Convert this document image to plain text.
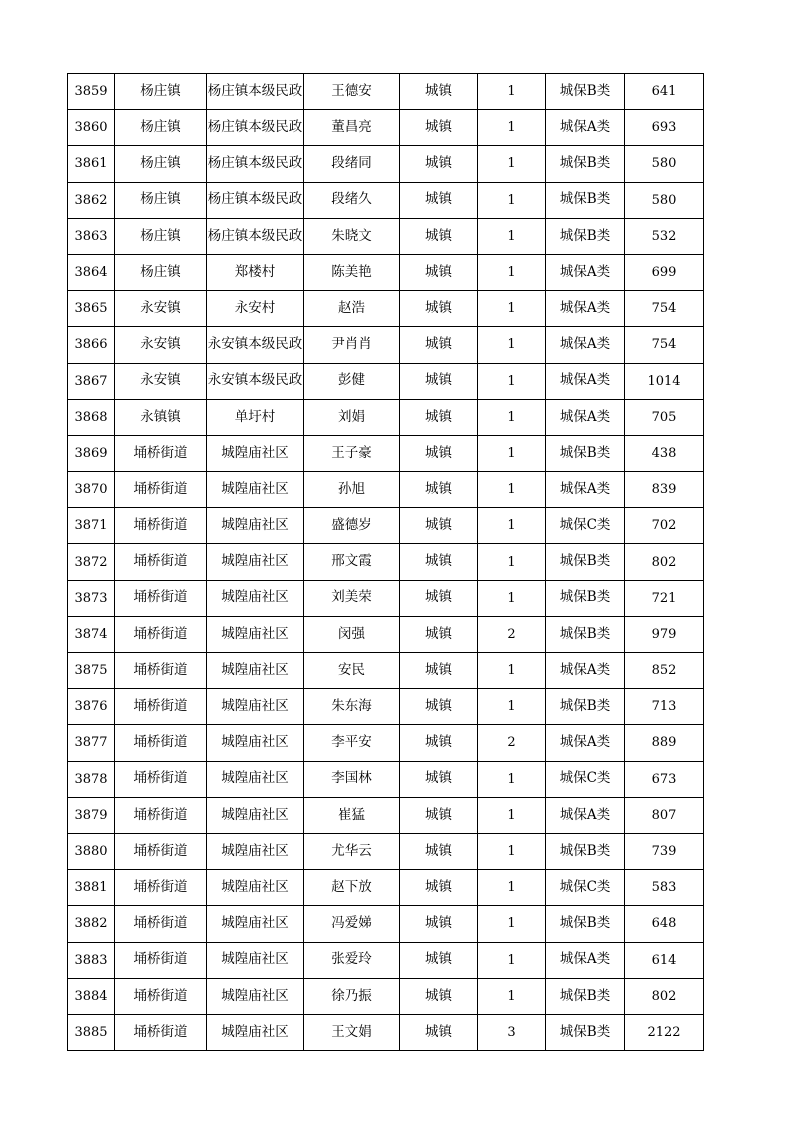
3859	杨庄镇	杨庄镇本级民政	王德安	城镇	1	城保B类	641
3860	杨庄镇	杨庄镇本级民政	董昌亮	城镇	1	城保A类	693
3861	杨庄镇	杨庄镇本级民政	段绪同	城镇	1	城保B类	580
3862	杨庄镇	杨庄镇本级民政	段绪久	城镇	1	城保B类	580
3863	杨庄镇	杨庄镇本级民政	朱晓文	城镇	1	城保B类	532
3864	杨庄镇	郑楼村	陈美艳	城镇	1	城保A类	699
3865	永安镇	永安村	赵浩	城镇	1	城保A类	754
3866	永安镇	永安镇本级民政	尹肖肖	城镇	1	城保A类	754
3867	永安镇	永安镇本级民政	彭健	城镇	1	城保A类	1014
3868	永镇镇	单圩村	刘娟	城镇	1	城保A类	705
3869	埇桥街道	城隍庙社区	王子豪	城镇	1	城保B类	438
3870	埇桥街道	城隍庙社区	孙旭	城镇	1	城保A类	839
3871	埇桥街道	城隍庙社区	盛德岁	城镇	1	城保C类	702
3872	埇桥街道	城隍庙社区	邢文霞	城镇	1	城保B类	802
3873	埇桥街道	城隍庙社区	刘美荣	城镇	1	城保B类	721
3874	埇桥街道	城隍庙社区	闵强	城镇	2	城保B类	979
3875	埇桥街道	城隍庙社区	安民	城镇	1	城保A类	852
3876	埇桥街道	城隍庙社区	朱东海	城镇	1	城保B类	713
3877	埇桥街道	城隍庙社区	李平安	城镇	2	城保A类	889
3878	埇桥街道	城隍庙社区	李国林	城镇	1	城保C类	673
3879	埇桥街道	城隍庙社区	崔猛	城镇	1	城保A类	807
3880	埇桥街道	城隍庙社区	尤华云	城镇	1	城保B类	739
3881	埇桥街道	城隍庙社区	赵下放	城镇	1	城保C类	583
3882	埇桥街道	城隍庙社区	冯爱娣	城镇	1	城保B类	648
3883	埇桥街道	城隍庙社区	张爱玲	城镇	1	城保A类	614
3884	埇桥街道	城隍庙社区	徐乃振	城镇	1	城保B类	802
3885	埇桥街道	城隍庙社区	王文娟	城镇	3	城保B类	2122
